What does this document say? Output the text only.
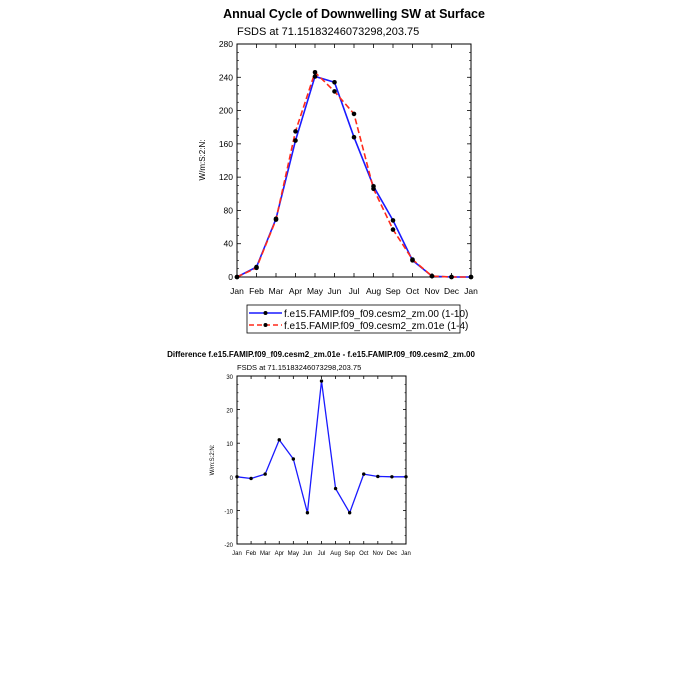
Annual Cycle of Downwelling SW at Surface
FSDS at 71.15183246073298,203.75
W/m:S:2:N:
Jan Feb Mar Apr May Jun Jul Aug Sep Oct Nov Dec Jan
0
40
80
120
160
200
240
280
f.e15.FAMIP.f09_f09.cesm2_zm.00 (1-10)
f.e15.FAMIP.f09_f09.cesm2_zm.01e (1-4)
Difference f.e15.FAMIP.f09_f09.cesm2_zm.01e - f.e15.FAMIP.f09_f09.cesm2_zm.00
FSDS at 71.15183246073298,203.75
W/m:S:2:N:
Jan Feb Mar Apr May Jun Jul Aug Sep Oct Nov Dec Jan
-20
-10
0
10
20
30
